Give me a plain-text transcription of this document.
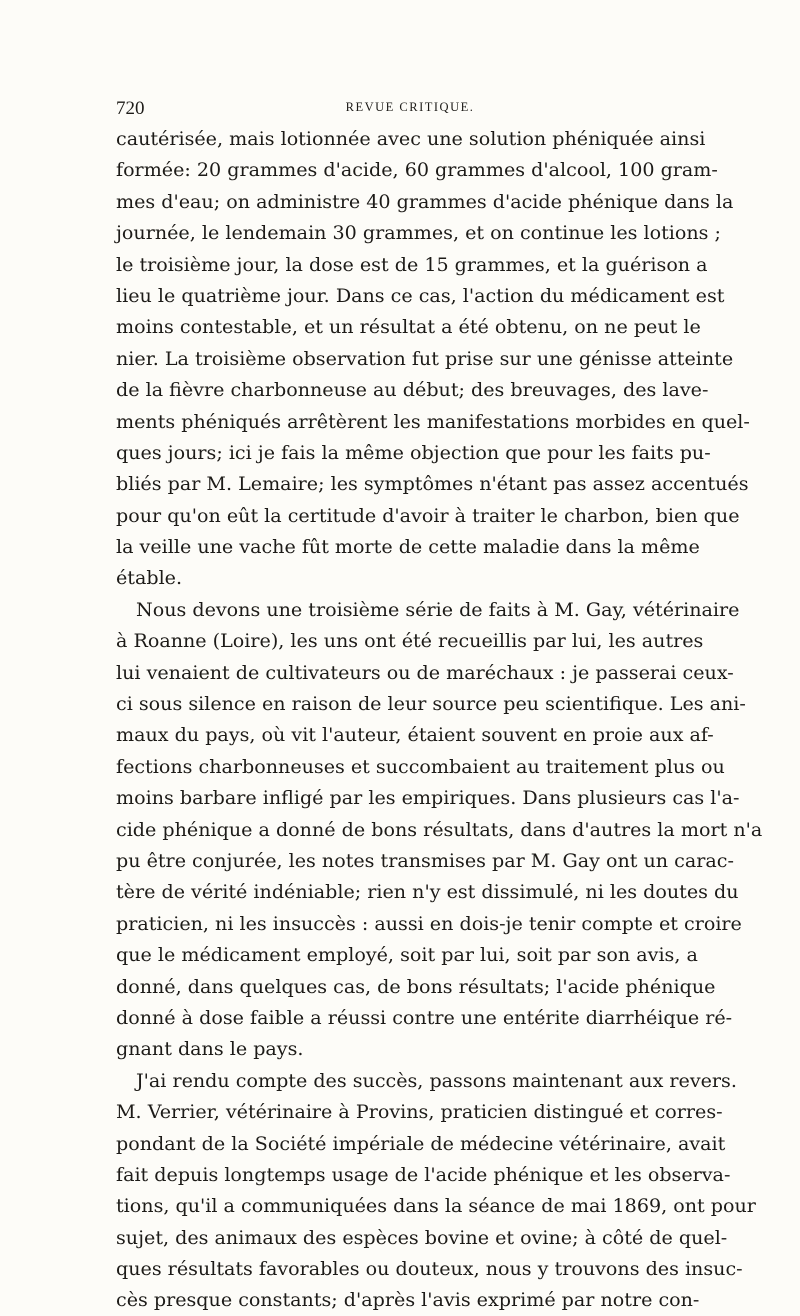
720	REVUE CRITIQUE.
cautérisée, mais lotionnée avec une solution phéniquée ainsi
formée: 20 grammes d'acide, 60 grammes d'alcool, 100 gram-
mes d'eau; on administre 40 grammes d'acide phénique dans la
journée, le lendemain 30 grammes, et on continue les lotions ;
le troisième jour, la dose est de 15 grammes, et la guérison a
lieu le quatrième jour. Dans ce cas, l'action du médicament est
moins contestable, et un résultat a été obtenu, on ne peut le
nier. La troisième observation fut prise sur une génisse atteinte
de la fièvre charbonneuse au début; des breuvages, des lave-
ments phéniqués arrêtèrent les manifestations morbides en quel-
ques jours; ici je fais la même objection que pour les faits pu-
bliés par M. Lemaire; les symptômes n'étant pas assez accentués
pour qu'on eût la certitude d'avoir à traiter le charbon, bien que
la veille une vache fût morte de cette maladie dans la même
étable.
Nous devons une troisième série de faits à M. Gay, vétérinaire
à Roanne (Loire), les uns ont été recueillis par lui, les autres
lui venaient de cultivateurs ou de maréchaux : je passerai ceux-
ci sous silence en raison de leur source peu scientifique. Les ani-
maux du pays, où vit l'auteur, étaient souvent en proie aux af-
fections charbonneuses et succombaient au traitement plus ou
moins barbare infligé par les empiriques. Dans plusieurs cas l'a-
cide phénique a donné de bons résultats, dans d'autres la mort n'a
pu être conjurée, les notes transmises par M. Gay ont un carac-
tère de vérité indéniable; rien n'y est dissimulé, ni les doutes du
praticien, ni les insuccès : aussi en dois-je tenir compte et croire
que le médicament employé, soit par lui, soit par son avis, a
donné, dans quelques cas, de bons résultats; l'acide phénique
donné à dose faible a réussi contre une entérite diarrhéique ré-
gnant dans le pays.
J'ai rendu compte des succès, passons maintenant aux revers.
M. Verrier, vétérinaire à Provins, praticien distingué et corres-
pondant de la Société impériale de médecine vétérinaire, avait
fait depuis longtemps usage de l'acide phénique et les observa-
tions, qu'il a communiquées dans la séance de mai 1869, ont pour
sujet, des animaux des espèces bovine et ovine; à côté de quel-
ques résultats favorables ou douteux, nous y trouvons des insuc-
cès presque constants; d'après l'avis exprimé par notre con-
